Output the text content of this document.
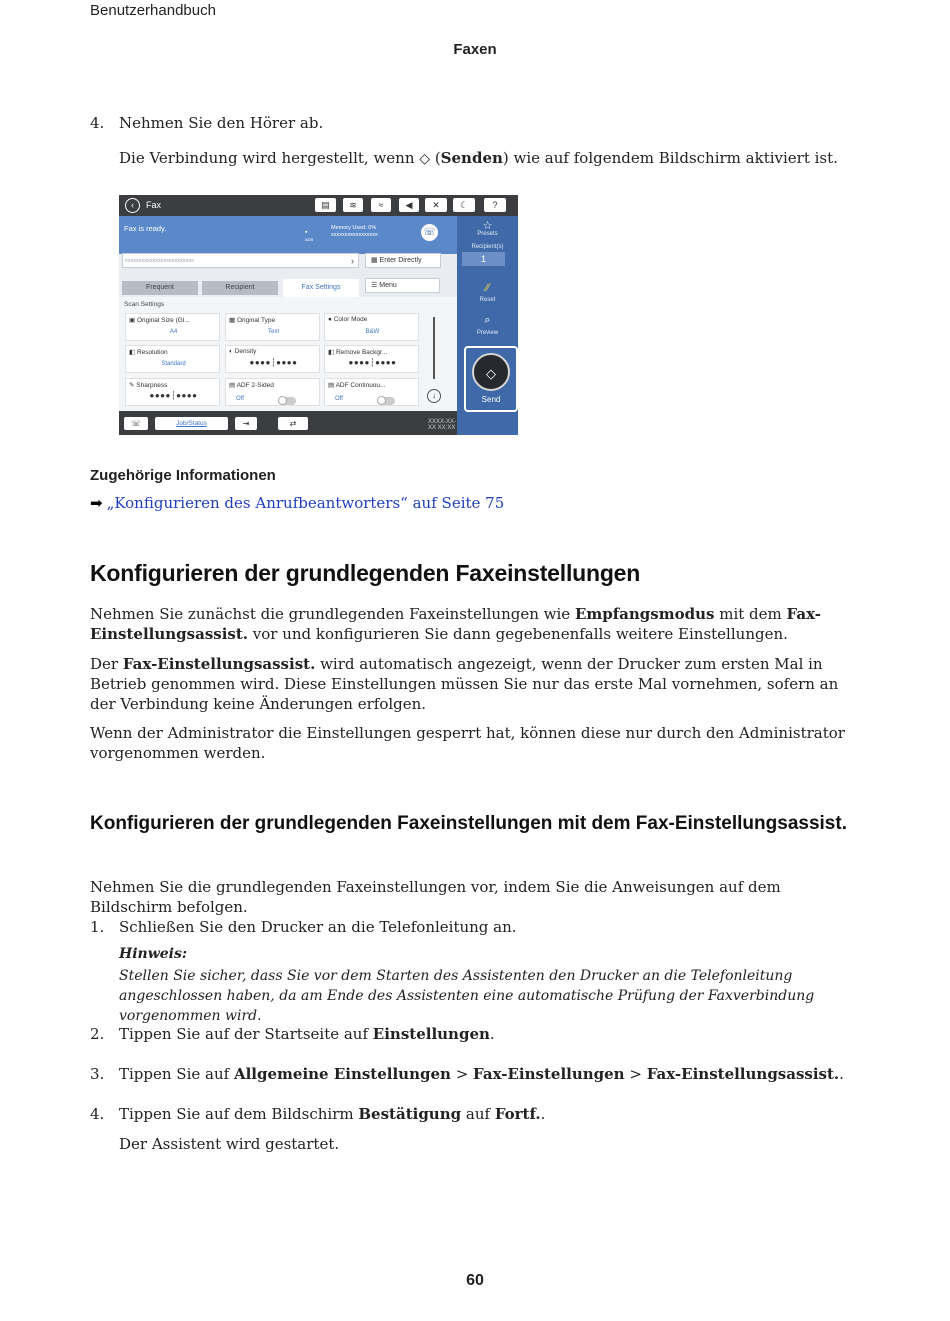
Benutzerhandbuch
Faxen
4. Nehmen Sie den Hörer ab.
Die Verbindung wird hergestellt, wenn ◇ (Senden) wie auf folgendem Bildschirm aktiviert ist.
‹	Fax	▤	≋	≈	◀	✕	☾	?
Fax is ready.	▪
ADB
Memory Used: 0%
xxxxxxxxxxxxxxxxx	☏
xxxxxxxxxxxxxxxxxxxxxxxxx	›	▦ Enter Directly
Frequent	Recipient	Fax Settings	☰ Menu
Scan Settings
▣ Original Size (Gl...
A4
▦ Original Type
Text
● Color Mode
B&W
◧ Resolution
Standard
◐ Density
●●●●┆●●●●
◧ Remove Backgr...
●●●●┆●●●●
✎ Sharpness
●●●●┆●●●●
▤ ADF 2-Sided
Off
▤ ADF Continuou...
Off	↓
☆
Presets
Recipient(s)
1
⁄⁄
Reset
⌕
Preview
◇
Send
☏	Job/Status	⇥	⇄	XXXX-XX-XX XX:XX
Zugehörige Informationen
➡ „Konfigurieren des Anrufbeantworters“ auf Seite 75
Konfigurieren der grundlegenden Faxeinstellungen
Nehmen Sie zunächst die grundlegenden Faxeinstellungen wie Empfangsmodus mit dem Fax-Einstellungsassist. vor und konfigurieren Sie dann gegebenenfalls weitere Einstellungen.
Der Fax-Einstellungsassist. wird automatisch angezeigt, wenn der Drucker zum ersten Mal in Betrieb genommen wird. Diese Einstellungen müssen Sie nur das erste Mal vornehmen, sofern an der Verbindung keine Änderungen erfolgen.
Wenn der Administrator die Einstellungen gesperrt hat, können diese nur durch den Administrator vorgenommen werden.
Konfigurieren der grundlegenden Faxeinstellungen mit dem Fax-Einstellungsassist.
Nehmen Sie die grundlegenden Faxeinstellungen vor, indem Sie die Anweisungen auf dem Bildschirm befolgen.
1. Schließen Sie den Drucker an die Telefonleitung an.
Hinweis:
Stellen Sie sicher, dass Sie vor dem Starten des Assistenten den Drucker an die Telefonleitung angeschlossen haben, da am Ende des Assistenten eine automatische Prüfung der Faxverbindung vorgenommen wird.
2. Tippen Sie auf der Startseite auf Einstellungen.
3. Tippen Sie auf Allgemeine Einstellungen > Fax-Einstellungen > Fax-Einstellungsassist..
4. Tippen Sie auf dem Bildschirm Bestätigung auf Fortf..
Der Assistent wird gestartet.
60
